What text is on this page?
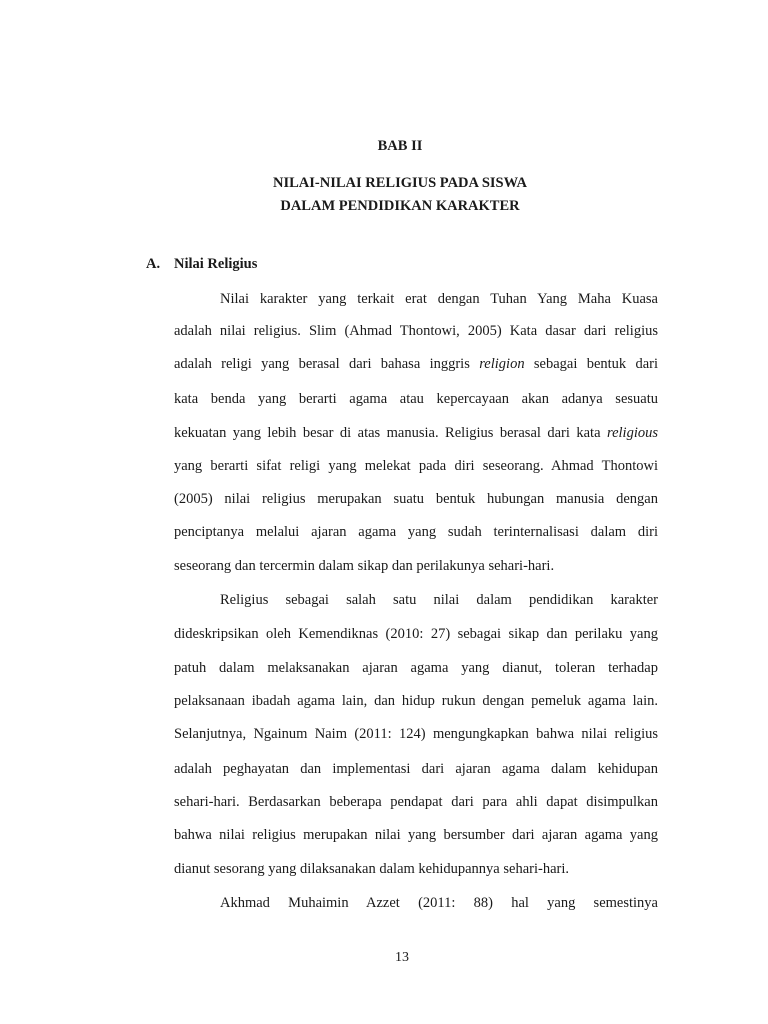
BAB II
NILAI-NILAI RELIGIUS PADA SISWA
DALAM PENDIDIKAN KARAKTER
A. Nilai Religius
Nilai karakter yang terkait erat dengan Tuhan Yang Maha Kuasa
adalah nilai religius. Slim (Ahmad Thontowi, 2005) Kata dasar dari religius
adalah religi yang berasal dari bahasa inggris religion sebagai bentuk dari
kata benda yang berarti agama atau kepercayaan akan adanya sesuatu
kekuatan yang lebih besar di atas manusia. Religius berasal dari kata religious
yang berarti sifat religi yang melekat pada diri seseorang. Ahmad Thontowi
(2005) nilai religius merupakan suatu bentuk hubungan manusia dengan
penciptanya melalui ajaran agama yang sudah terinternalisasi dalam diri
seseorang dan tercermin dalam sikap dan perilakunya sehari-hari.
Religius sebagai salah satu nilai dalam pendidikan karakter
dideskripsikan oleh Kemendiknas (2010: 27) sebagai sikap dan perilaku yang
patuh dalam melaksanakan ajaran agama yang dianut, toleran terhadap
pelaksanaan ibadah agama lain, dan hidup rukun dengan pemeluk agama lain.
Selanjutnya, Ngainum Naim (2011: 124) mengungkapkan bahwa nilai religius
adalah peghayatan dan implementasi dari ajaran agama dalam kehidupan
sehari-hari. Berdasarkan beberapa pendapat dari para ahli dapat disimpulkan
bahwa nilai religius merupakan nilai yang bersumber dari ajaran agama yang
dianut sesorang yang dilaksanakan dalam kehidupannya sehari-hari.
Akhmad Muhaimin Azzet (2011: 88) hal yang semestinya
13
